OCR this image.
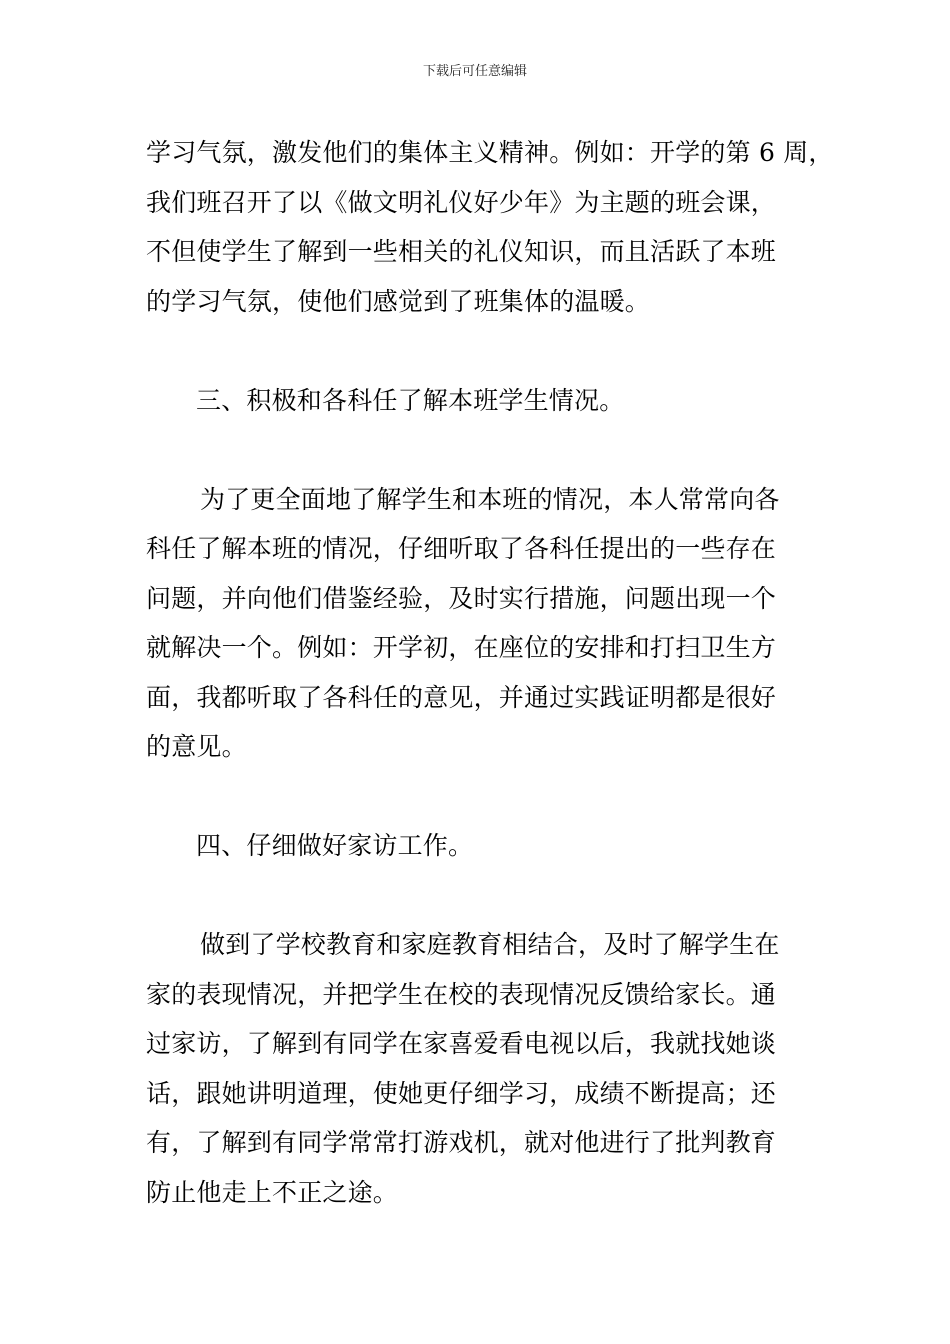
下载后可任意编辑
学习气氛，激发他们的集体主义精神。例如：开学的第 6 周，
我们班召开了以《做文明礼仪好少年》为主题的班会课，
不但使学生了解到一些相关的礼仪知识，而且活跃了本班
的学习气氛，使他们感觉到了班集体的温暖。
三、积极和各科任了解本班学生情况。
为了更全面地了解学生和本班的情况，本人常常向各
科任了解本班的情况，仔细听取了各科任提出的一些存在
问题，并向他们借鉴经验，及时实行措施，问题出现一个
就解决一个。例如：开学初，在座位的安排和打扫卫生方
面，我都听取了各科任的意见，并通过实践证明都是很好
的意见。
四、仔细做好家访工作。
做到了学校教育和家庭教育相结合，及时了解学生在
家的表现情况，并把学生在校的表现情况反馈给家长。通
过家访，了解到有同学在家喜爱看电视以后，我就找她谈
话，跟她讲明道理，使她更仔细学习，成绩不断提高；还
有，了解到有同学常常打游戏机，就对他进行了批判教育
防止他走上不正之途。
